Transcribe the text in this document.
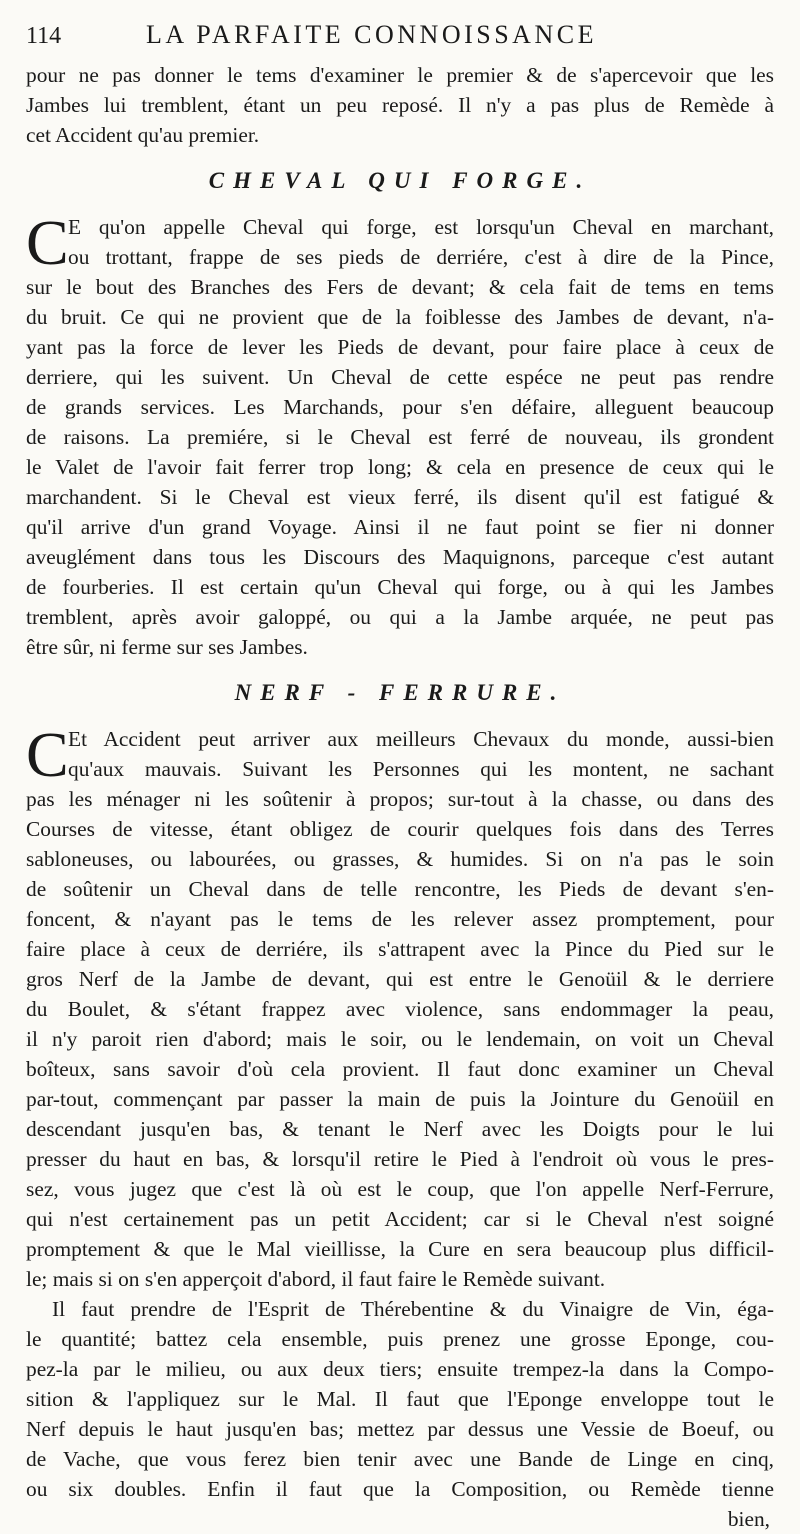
114	LA PARFAITE CONNOISSANCE

pour ne pas donner le tems d'examiner le premier & de s'apercevoir que les
Jambes lui tremblent, étant un peu reposé. Il n'y a pas plus de Remède à
cet Accident qu'au premier.

CHEVAL QUI FORGE.
C E qu'on appelle Cheval qui forge, est lorsqu'un Cheval en marchant,
ou trottant, frappe de ses pieds de derriére, c'est à dire de la Pince,
sur le bout des Branches des Fers de devant; & cela fait de tems en tems
du bruit. Ce qui ne provient que de la foiblesse des Jambes de devant, n'a-
yant pas la force de lever les Pieds de devant, pour faire place à ceux de
derriere, qui les suivent. Un Cheval de cette espéce ne peut pas rendre
de grands services. Les Marchands, pour s'en défaire, alleguent beaucoup
de raisons. La premiére, si le Cheval est ferré de nouveau, ils grondent
le Valet de l'avoir fait ferrer trop long; & cela en presence de ceux qui le
marchandent. Si le Cheval est vieux ferré, ils disent qu'il est fatigué &
qu'il arrive d'un grand Voyage. Ainsi il ne faut point se fier ni donner
aveuglément dans tous les Discours des Maquignons, parceque c'est autant
de fourberies. Il est certain qu'un Cheval qui forge, ou à qui les Jambes
tremblent, après avoir galoppé, ou qui a la Jambe arquée, ne peut pas
être sûr, ni ferme sur ses Jambes.
NERF - FERRURE.
C Et Accident peut arriver aux meilleurs Chevaux du monde, aussi-bien
qu'aux mauvais. Suivant les Personnes qui les montent, ne sachant
pas les ménager ni les soûtenir à propos; sur-tout à la chasse, ou dans des
Courses de vitesse, étant obligez de courir quelques fois dans des Terres
sabloneuses, ou labourées, ou grasses, & humides. Si on n'a pas le soin
de soûtenir un Cheval dans de telle rencontre, les Pieds de devant s'en-
foncent, & n'ayant pas le tems de les relever assez promptement, pour
faire place à ceux de derriére, ils s'attrapent avec la Pince du Pied sur le
gros Nerf de la Jambe de devant, qui est entre le Genoüil & le derriere
du Boulet, & s'étant frappez avec violence, sans endommager la peau,
il n'y paroit rien d'abord; mais le soir, ou le lendemain, on voit un Cheval
boîteux, sans savoir d'où cela provient. Il faut donc examiner un Cheval
par-tout, commençant par passer la main de puis la Jointure du Genoüil en
descendant jusqu'en bas, & tenant le Nerf avec les Doigts pour le lui
presser du haut en bas, & lorsqu'il retire le Pied à l'endroit où vous le pres-
sez, vous jugez que c'est là où est le coup, que l'on appelle Nerf-Ferrure,
qui n'est certainement pas un petit Accident; car si le Cheval n'est soigné
promptement & que le Mal vieillisse, la Cure en sera beaucoup plus difficil-
le; mais si on s'en apperçoit d'abord, il faut faire le Remède suivant.
Il faut prendre de l'Esprit de Thérebentine & du Vinaigre de Vin, éga-
le quantité; battez cela ensemble, puis prenez une grosse Eponge, cou-
pez-la par le milieu, ou aux deux tiers; ensuite trempez-la dans la Compo-
sition & l'appliquez sur le Mal. Il faut que l'Eponge enveloppe tout le
Nerf depuis le haut jusqu'en bas; mettez par dessus une Vessie de Boeuf, ou
de Vache, que vous ferez bien tenir avec une Bande de Linge en cinq,
ou six doubles. Enfin il faut que la Composition, ou Remède tienne
bien,
